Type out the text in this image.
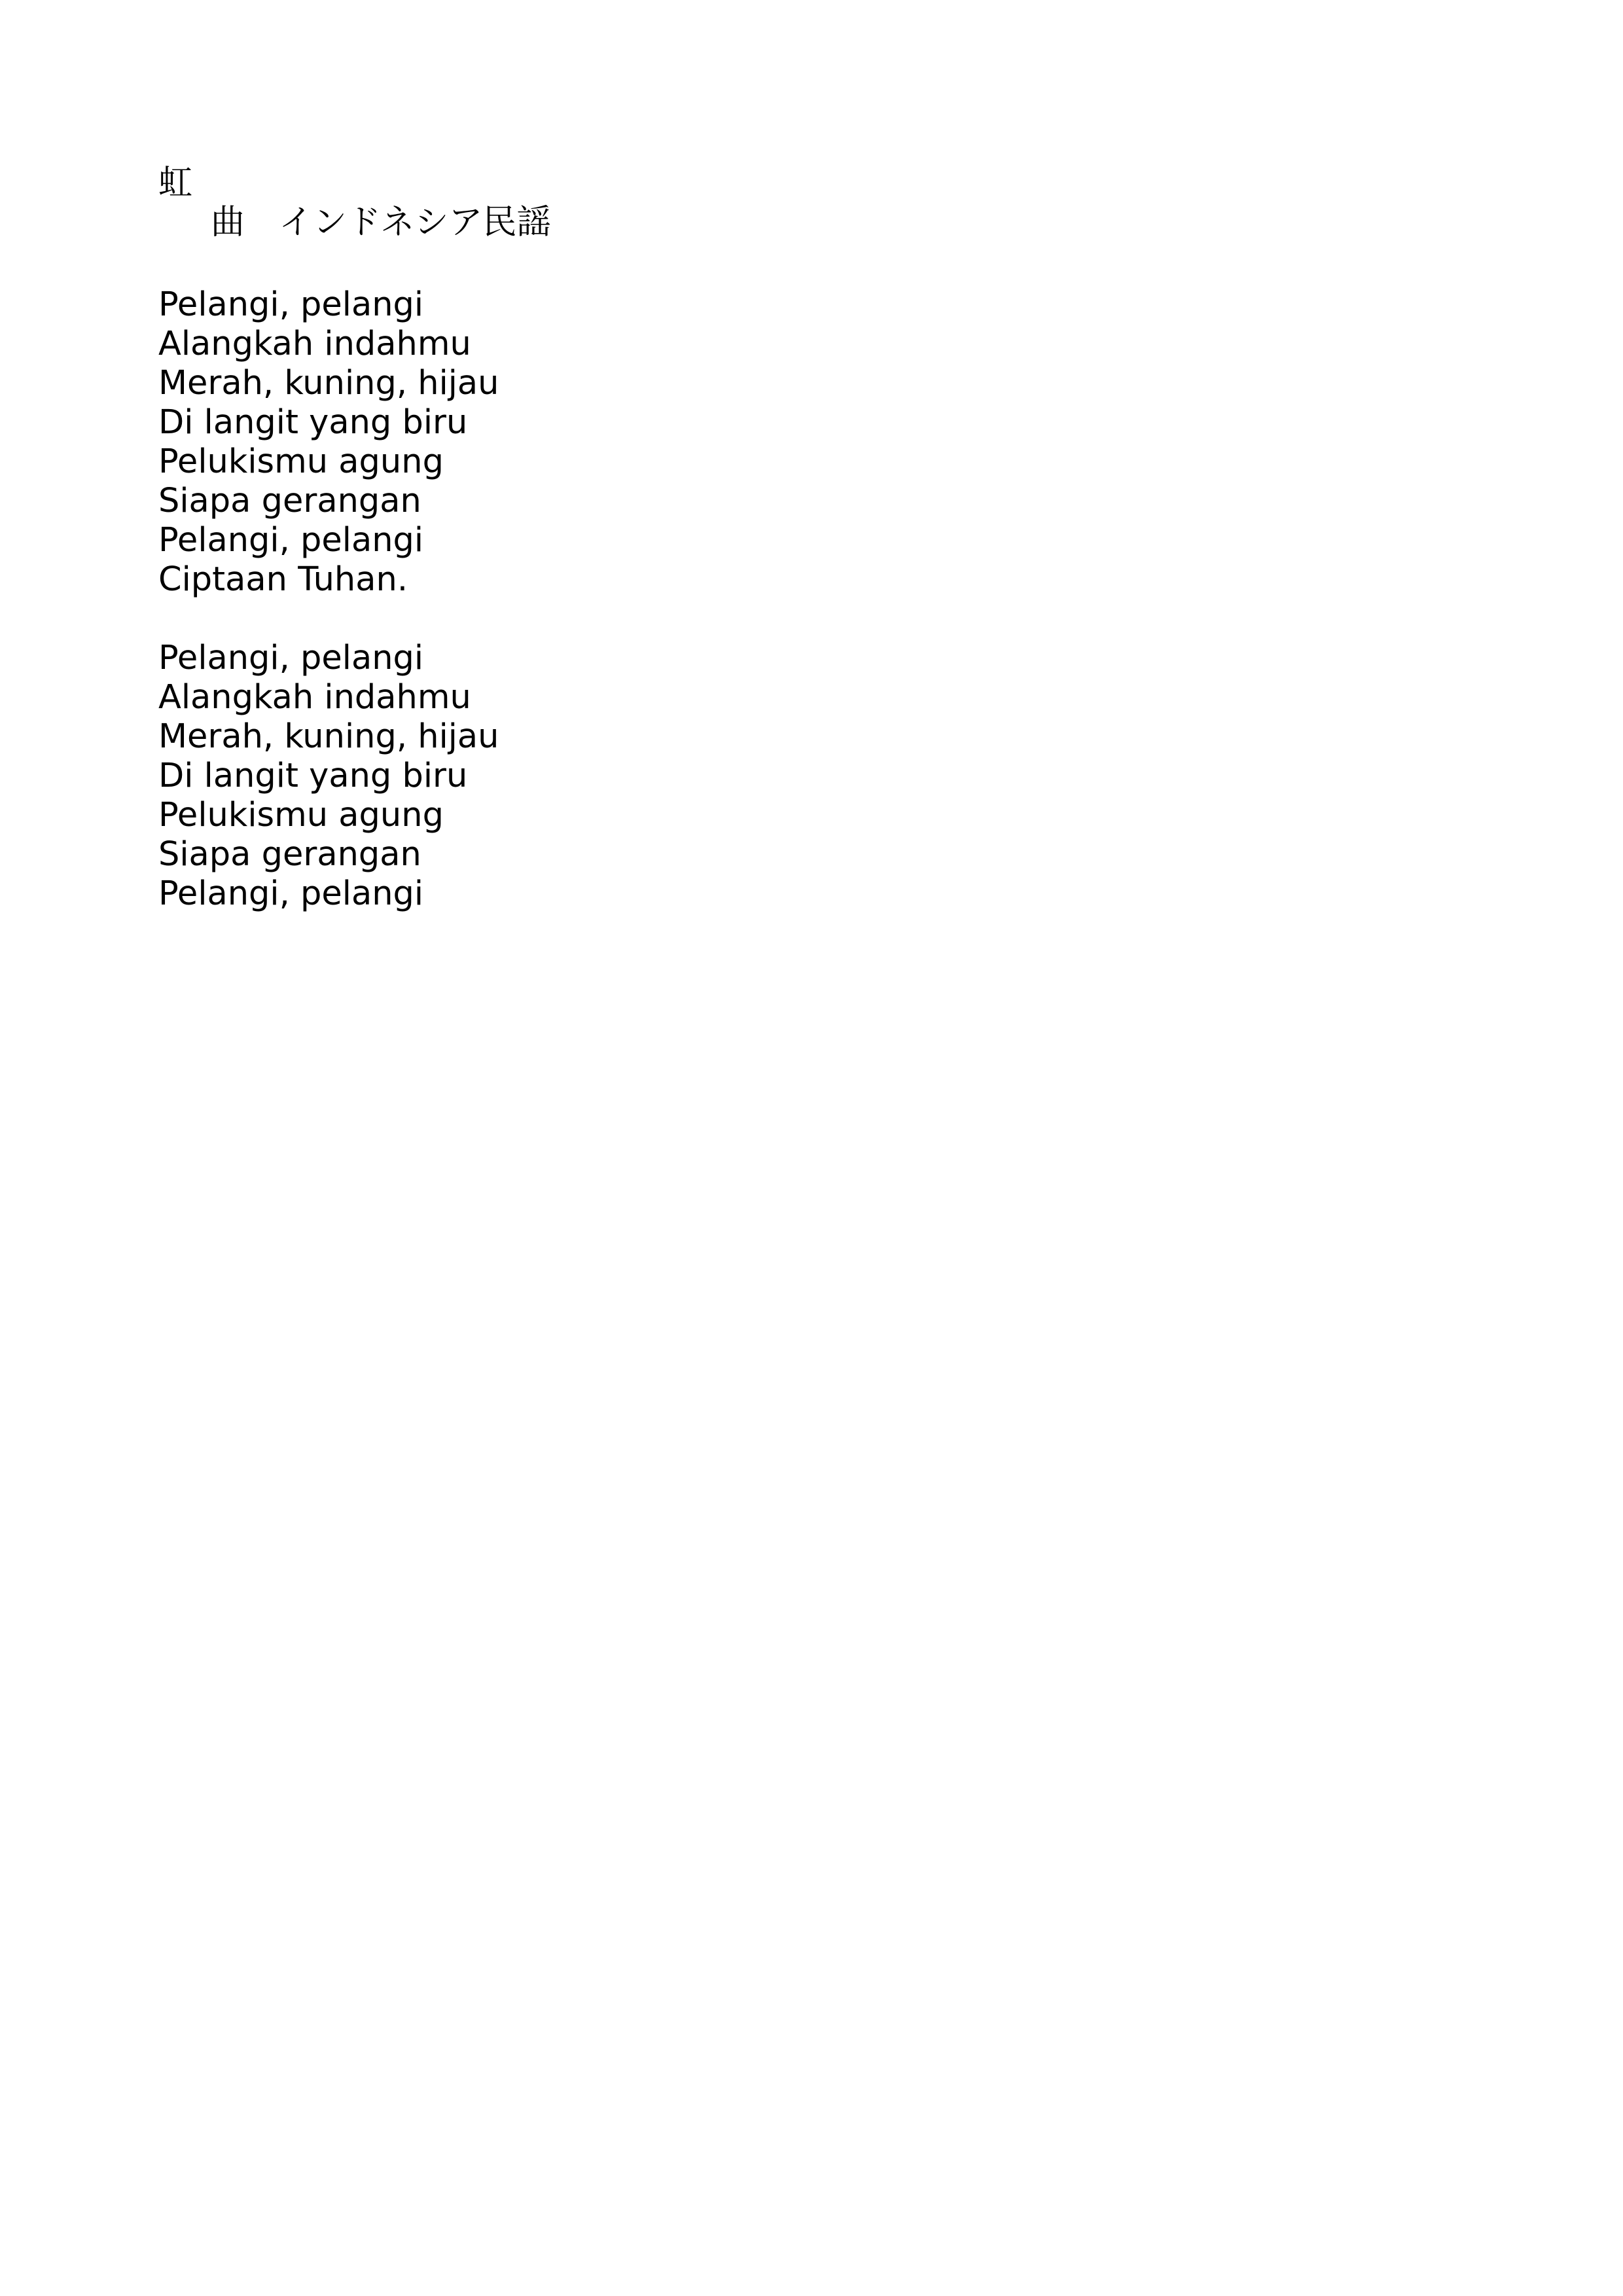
虹
曲　インドネシア民謡
Pelangi, pelangi
Alangkah indahmu
Merah, kuning, hijau
Di langit yang biru
Pelukismu agung
Siapa gerangan
Pelangi, pelangi
Ciptaan Tuhan.
Pelangi, pelangi
Alangkah indahmu
Merah, kuning, hijau
Di langit yang biru
Pelukismu agung
Siapa gerangan
Pelangi, pelangi
